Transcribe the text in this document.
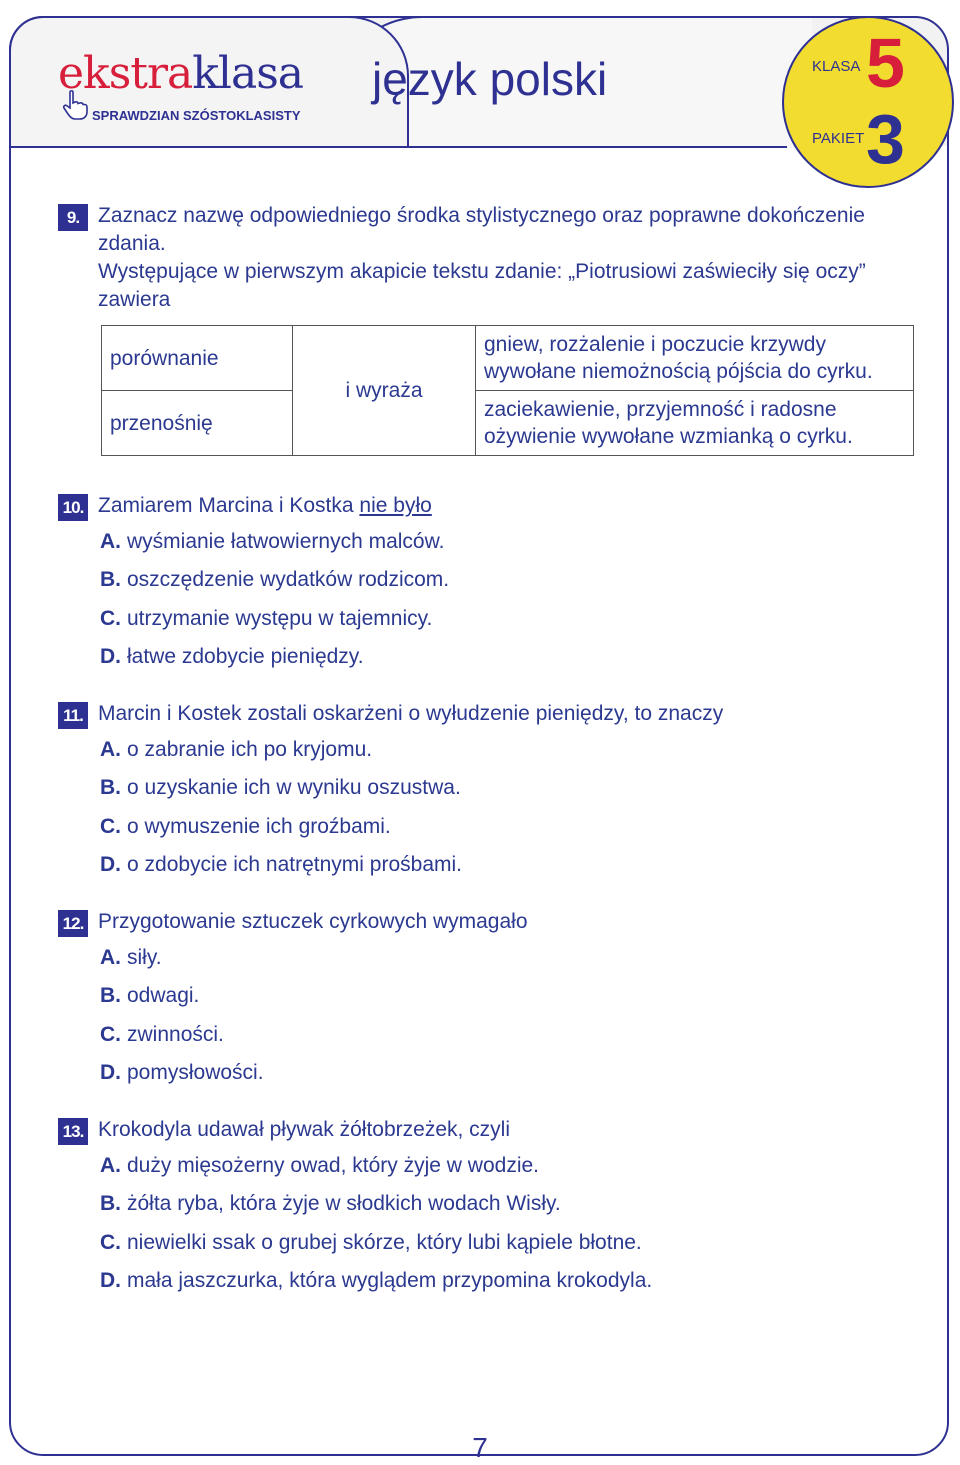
ekstraklasa
SPRAWDZIAN SZÓSTOKLASISTY
język polski	KLASA 5
PAKIET 3
9. Zaznacz nazwę odpowiedniego środka stylistycznego oraz poprawne dokończenie zdania.
Występujące w pierwszym akapicie tekstu zdanie: „Piotrusiowi zaświeciły się oczy” zawiera
porównanie	i wyraża	gniew, rozżalenie i poczucie krzywdy wywołane niemożnością pójścia do cyrku.
przenośnię		zaciekawienie, przyjemność i radosne ożywienie wywołane wzmianką o cyrku.
10. Zamiarem Marcina i Kostka nie było
A. wyśmianie łatwowiernych malców.
B. oszczędzenie wydatków rodzicom.
C. utrzymanie występu w tajemnicy.
D. łatwe zdobycie pieniędzy.
11. Marcin i Kostek zostali oskarżeni o wyłudzenie pieniędzy, to znaczy
A. o zabranie ich po kryjomu.
B. o uzyskanie ich w wyniku oszustwa.
C. o wymuszenie ich groźbami.
D. o zdobycie ich natrętnymi prośbami.
12. Przygotowanie sztuczek cyrkowych wymagało
A. siły.
B. odwagi.
C. zwinności.
D. pomysłowości.
13. Krokodyla udawał pływak żółtobrzeżek, czyli
A. duży mięsożerny owad, który żyje w wodzie.
B. żółta ryba, która żyje w słodkich wodach Wisły.
C. niewielki ssak o grubej skórze, który lubi kąpiele błotne.
D. mała jaszczurka, która wyglądem przypomina krokodyla.
7
